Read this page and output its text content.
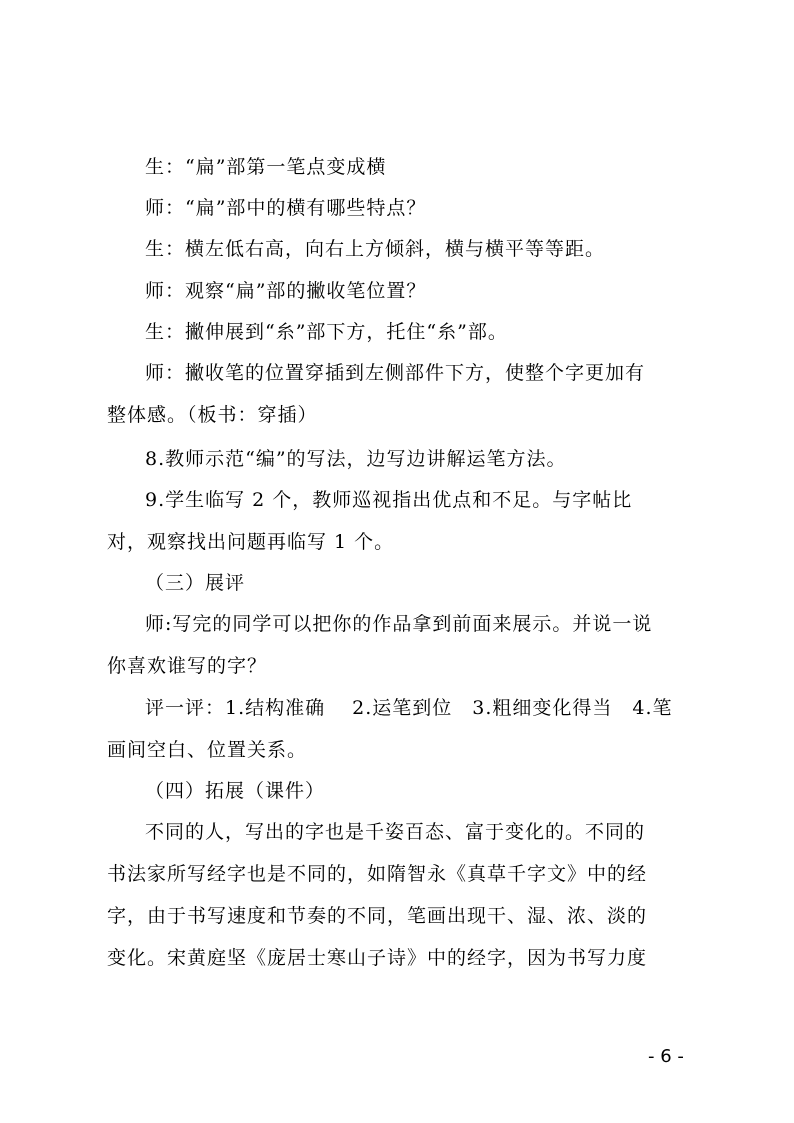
生：“扁”部第一笔点变成横
师：“扁”部中的横有哪些特点？
生：横左低右高，向右上方倾斜，横与横平等等距。
师：观察“扁”部的撇收笔位置？
生：撇伸展到“糸”部下方，托住“糸”部。
师：撇收笔的位置穿插到左侧部件下方，使整个字更加有
整体感。（板书：穿插）
8.教师示范“编”的写法，边写边讲解运笔方法。
9.学生临写 2 个，教师巡视指出优点和不足。与字帖比
对，观察找出问题再临写 1 个。
（三）展评
师:写完的同学可以把你的作品拿到前面来展示。并说一说
你喜欢谁写的字？
评一评：1.结构准确　 2.运笔到位　3.粗细变化得当　4.笔
画间空白、位置关系。
（四）拓展（课件）
不同的人，写出的字也是千姿百态、富于变化的。不同的
书法家所写经字也是不同的，如隋智永《真草千字文》中的经
字，由于书写速度和节奏的不同，笔画出现干、湿、浓、淡的
变化。宋黄庭坚《庞居士寒山子诗》中的经字，因为书写力度
- 6 -
